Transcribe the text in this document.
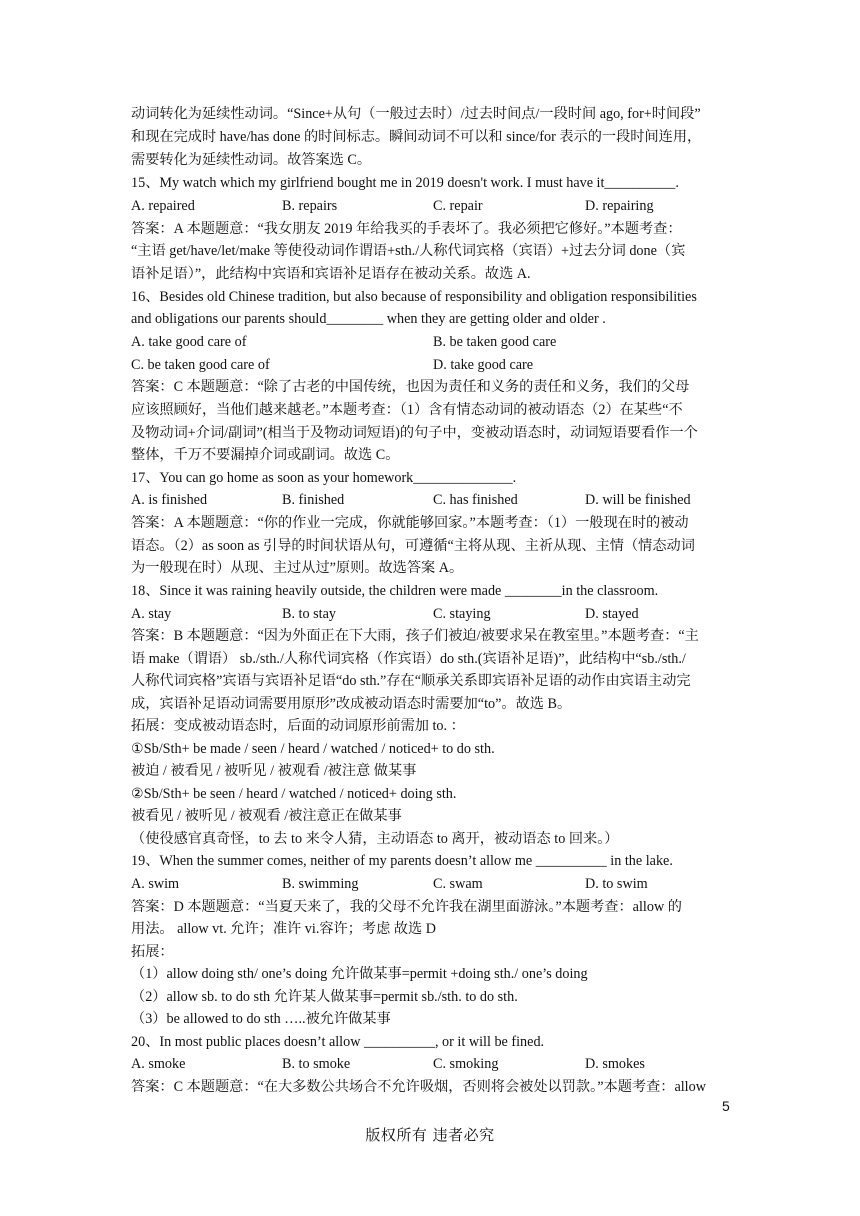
动词转化为延续性动词。“Since+从句（一般过去时）/过去时间点/一段时间 ago, for+时间段”
和现在完成时 have/has done 的时间标志。瞬间动词不可以和 since/for 表示的一段时间连用，
需要转化为延续性动词。故答案选 C。
15、My watch which my girlfriend bought me in 2019 doesn't work. I must have it__________.
A. repaired	B. repairs	C. repair	D. repairing
答案：A 本题题意：“我女朋友 2019 年给我买的手表坏了。我必须把它修好。”本题考查：
“主语 get/have/let/make 等使役动词作谓语+sth./人称代词宾格（宾语）+过去分词 done（宾
语补足语）”，此结构中宾语和宾语补足语存在被动关系。故选 A.
16、Besides old Chinese tradition, but also because of responsibility and obligation responsibilities
and obligations our parents should________ when they are getting older and older .
A. take good care of	B. be taken good care
C. be taken good care of	D. take good care
答案：C 本题题意：“除了古老的中国传统，也因为责任和义务的责任和义务，我们的父母
应该照顾好，当他们越来越老。”本题考查：（1）含有情态动词的被动语态（2）在某些“不
及物动词+介词/副词”(相当于及物动词短语)的句子中，变被动语态时，动词短语要看作一个
整体，千万不要漏掉介词或副词。故选 C。
17、You can go home as soon as your homework______________.
A. is finished	B. finished	C. has finished	D. will be finished
答案：A 本题题意：“你的作业一完成，你就能够回家。”本题考查：（1）一般现在时的被动
语态。（2）as soon as 引导的时间状语从句，可遵循“主将从现、主祈从现、主情（情态动词
为一般现在时）从现、主过从过”原则。故选答案 A。
18、Since it was raining heavily outside, the children were made ________in the classroom.
A. stay	B. to stay	C. staying	D. stayed
答案：B 本题题意：“因为外面正在下大雨，孩子们被迫/被要求呆在教室里。”本题考查：“主
语 make（谓语） sb./sth./人称代词宾格（作宾语）do sth.(宾语补足语)”，此结构中“sb./sth./
人称代词宾格”宾语与宾语补足语“do sth.”存在“顺承关系即宾语补足语的动作由宾语主动完
成，宾语补足语动词需要用原形”改成被动语态时需要加“to”。故选 B。
拓展：变成被动语态时，后面的动词原形前需加 to. ：
①Sb/Sth+ be made / seen / heard / watched / noticed+ to do sth.
被迫 / 被看见 / 被听见 / 被观看 /被注意 做某事
②Sb/Sth+ be seen / heard / watched / noticed+ doing sth.
被看见 / 被听见 / 被观看 /被注意正在做某事
（使役感官真奇怪，to 去 to 来令人猜，主动语态 to 离开，被动语态 to 回来。）
19、When the summer comes, neither of my parents doesn’t allow me __________ in the lake.
A. swim	B. swimming	C. swam	D. to swim
答案：D 本题题意：“当夏天来了，我的父母不允许我在湖里面游泳。”本题考查：allow 的
用法。 allow vt. 允许；准许 vi.容许；考虑 故选 D
拓展：
（1）allow doing sth/ one’s doing 允许做某事=permit +doing sth./ one’s doing
（2）allow sb. to do sth 允许某人做某事=permit sb./sth. to do sth.
（3）be allowed to do sth …..被允许做某事
20、In most public places doesn’t allow __________, or it will be fined.
A. smoke	B. to smoke	C. smoking	D. smokes
答案：C 本题题意：“在大多数公共场合不允许吸烟，否则将会被处以罚款。”本题考查：allow
5
版权所有 违者必究
